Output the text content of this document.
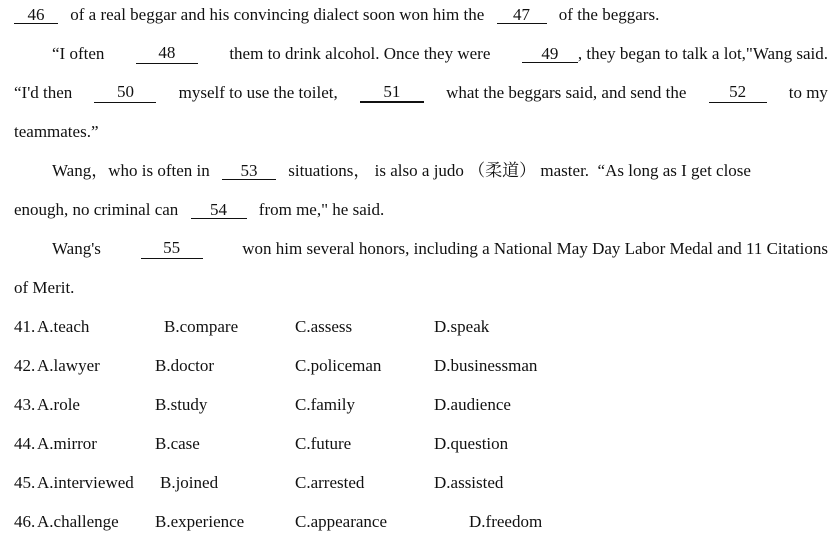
46 of a real beggar and his convincing dialect soon won him the 47 of the beggars.
“I often	48	them to drink alcohol. Once they were	49 , they began to talk a lot,"Wang said.
“I'd then	50	myself to use the toilet,	51	what the beggars said, and send the	52	to my
teammates.”
Wang，who is often in 53 situations， is also a judo （柔道） master.  “As long as I get close
enough, no criminal can 54 from me," he said.
Wang's	55	won him several honors, including a National May Day Labor Medal and 11 Citations
of Merit.
41. A.teach	B.compare	C.assess	D.speak
42. A.lawyer	B.doctor	C.policeman	D.businessman
43. A.role	B.study	C.family	D.audience
44. A.mirror	B.case	C.future	D.question
45. A.interviewed B.joined	C.arrested	D.assisted
46. A.challenge B.experience	C.appearance	D.freedom
